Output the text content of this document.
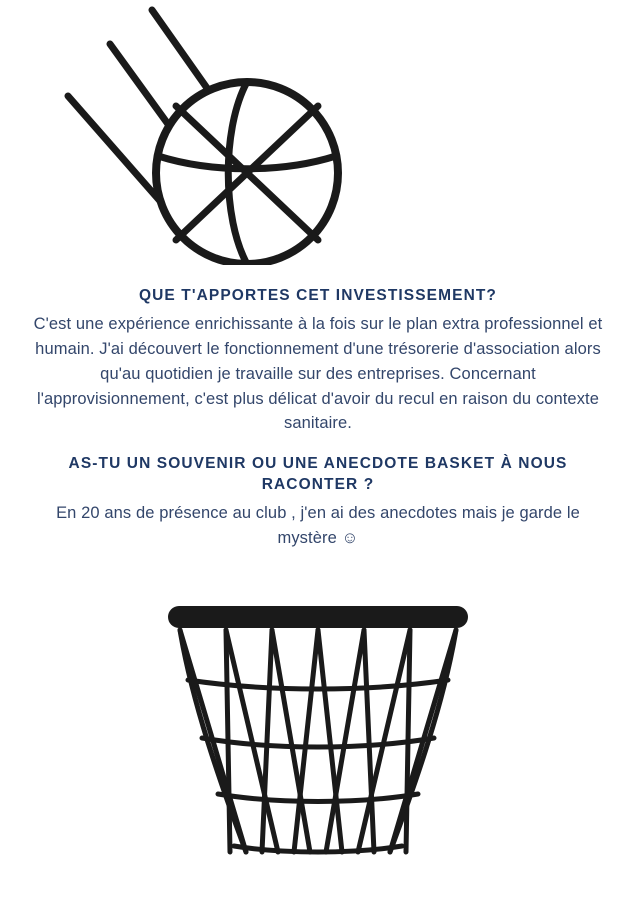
QUE T'APPORTES CET INVESTISSEMENT?

C'est une expérience enrichissante à la fois sur le plan extra professionnel et humain. J'ai découvert le fonctionnement d'une trésorerie d'association alors qu'au quotidien je travaille sur des entreprises. Concernant l'approvisionnement, c'est plus délicat d'avoir du recul en raison du contexte sanitaire.

AS-TU UN SOUVENIR OU UNE ANECDOTE BASKET À NOUS RACONTER ?

En 20 ans de présence au club , j'en ai des anecdotes mais je garde le mystère ☺
